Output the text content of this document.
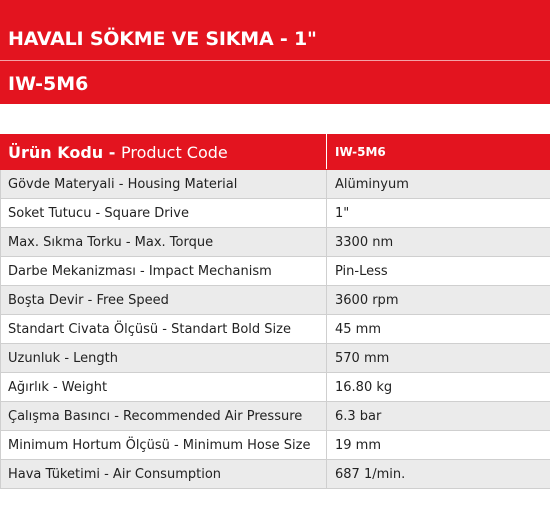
HAVALI SÖKME VE SIKMA - 1"
IW-5M6
Ürün Kodu - Product Code	IW-5M6
Gövde Materyali - Housing Material	Alüminyum
Soket Tutucu - Square Drive	1"
Max. Sıkma Torku - Max. Torque	3300 nm
Darbe Mekanizması - Impact Mechanism	Pin-Less
Boşta Devir - Free Speed	3600 rpm
Standart Civata Ölçüsü - Standart Bold Size	45 mm
Uzunluk - Length	570 mm
Ağırlık - Weight	16.80 kg
Çalışma Basıncı - Recommended Air Pressure	6.3 bar
Minimum Hortum Ölçüsü - Minimum Hose Size	19 mm
Hava Tüketimi - Air Consumption	687 1/min.
